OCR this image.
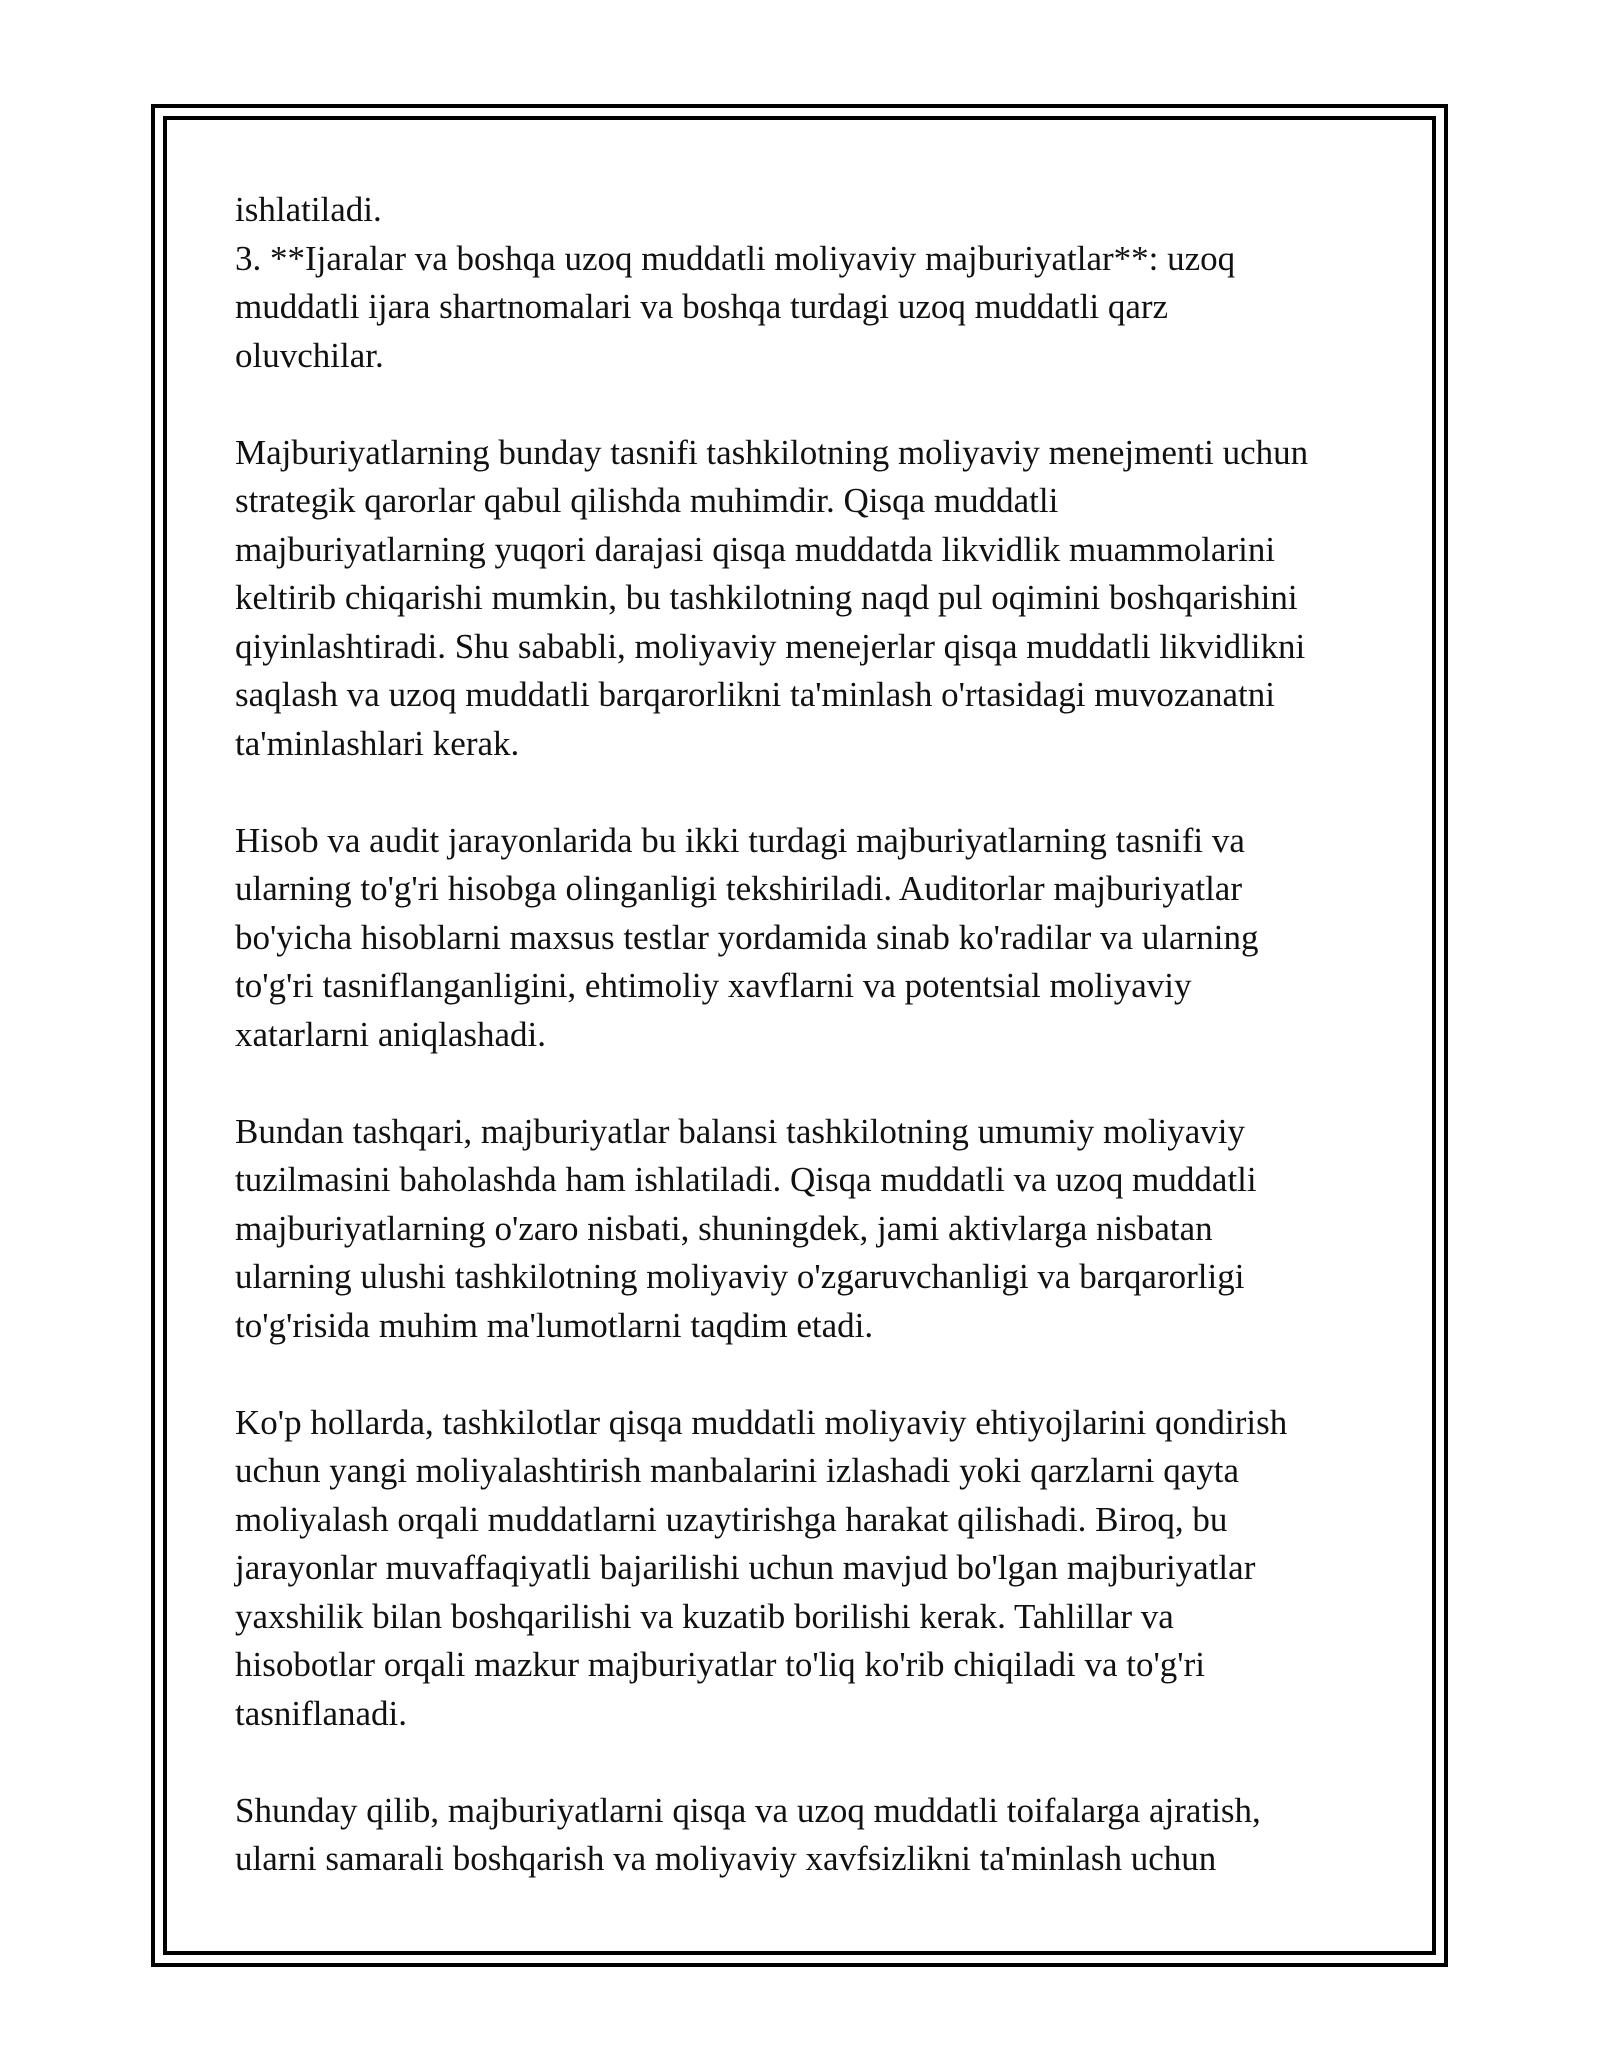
ishlatiladi.
3. **Ijaralar va boshqa uzoq muddatli moliyaviy majburiyatlar**: uzoq
muddatli ijara shartnomalari va boshqa turdagi uzoq muddatli qarz
oluvchilar.

Majburiyatlarning bunday tasnifi tashkilotning moliyaviy menejmenti uchun
strategik qarorlar qabul qilishda muhimdir. Qisqa muddatli
majburiyatlarning yuqori darajasi qisqa muddatda likvidlik muammolarini
keltirib chiqarishi mumkin, bu tashkilotning naqd pul oqimini boshqarishini
qiyinlashtiradi. Shu sababli, moliyaviy menejerlar qisqa muddatli likvidlikni
saqlash va uzoq muddatli barqarorlikni ta'minlash o'rtasidagi muvozanatni
ta'minlashlari kerak.

Hisob va audit jarayonlarida bu ikki turdagi majburiyatlarning tasnifi va
ularning to'g'ri hisobga olinganligi tekshiriladi. Auditorlar majburiyatlar
bo'yicha hisoblarni maxsus testlar yordamida sinab ko'radilar va ularning
to'g'ri tasniflanganligini, ehtimoliy xavflarni va potentsial moliyaviy
xatarlarni aniqlashadi.

Bundan tashqari, majburiyatlar balansi tashkilotning umumiy moliyaviy
tuzilmasini baholashda ham ishlatiladi. Qisqa muddatli va uzoq muddatli
majburiyatlarning o'zaro nisbati, shuningdek, jami aktivlarga nisbatan
ularning ulushi tashkilotning moliyaviy o'zgaruvchanligi va barqarorligi
to'g'risida muhim ma'lumotlarni taqdim etadi.

Ko'p hollarda, tashkilotlar qisqa muddatli moliyaviy ehtiyojlarini qondirish
uchun yangi moliyalashtirish manbalarini izlashadi yoki qarzlarni qayta
moliyalash orqali muddatlarni uzaytirishga harakat qilishadi. Biroq, bu
jarayonlar muvaffaqiyatli bajarilishi uchun mavjud bo'lgan majburiyatlar
yaxshilik bilan boshqarilishi va kuzatib borilishi kerak. Tahlillar va
hisobotlar orqali mazkur majburiyatlar to'liq ko'rib chiqiladi va to'g'ri
tasniflanadi.

Shunday qilib, majburiyatlarni qisqa va uzoq muddatli toifalarga ajratish,
ularni samarali boshqarish va moliyaviy xavfsizlikni ta'minlash uchun
